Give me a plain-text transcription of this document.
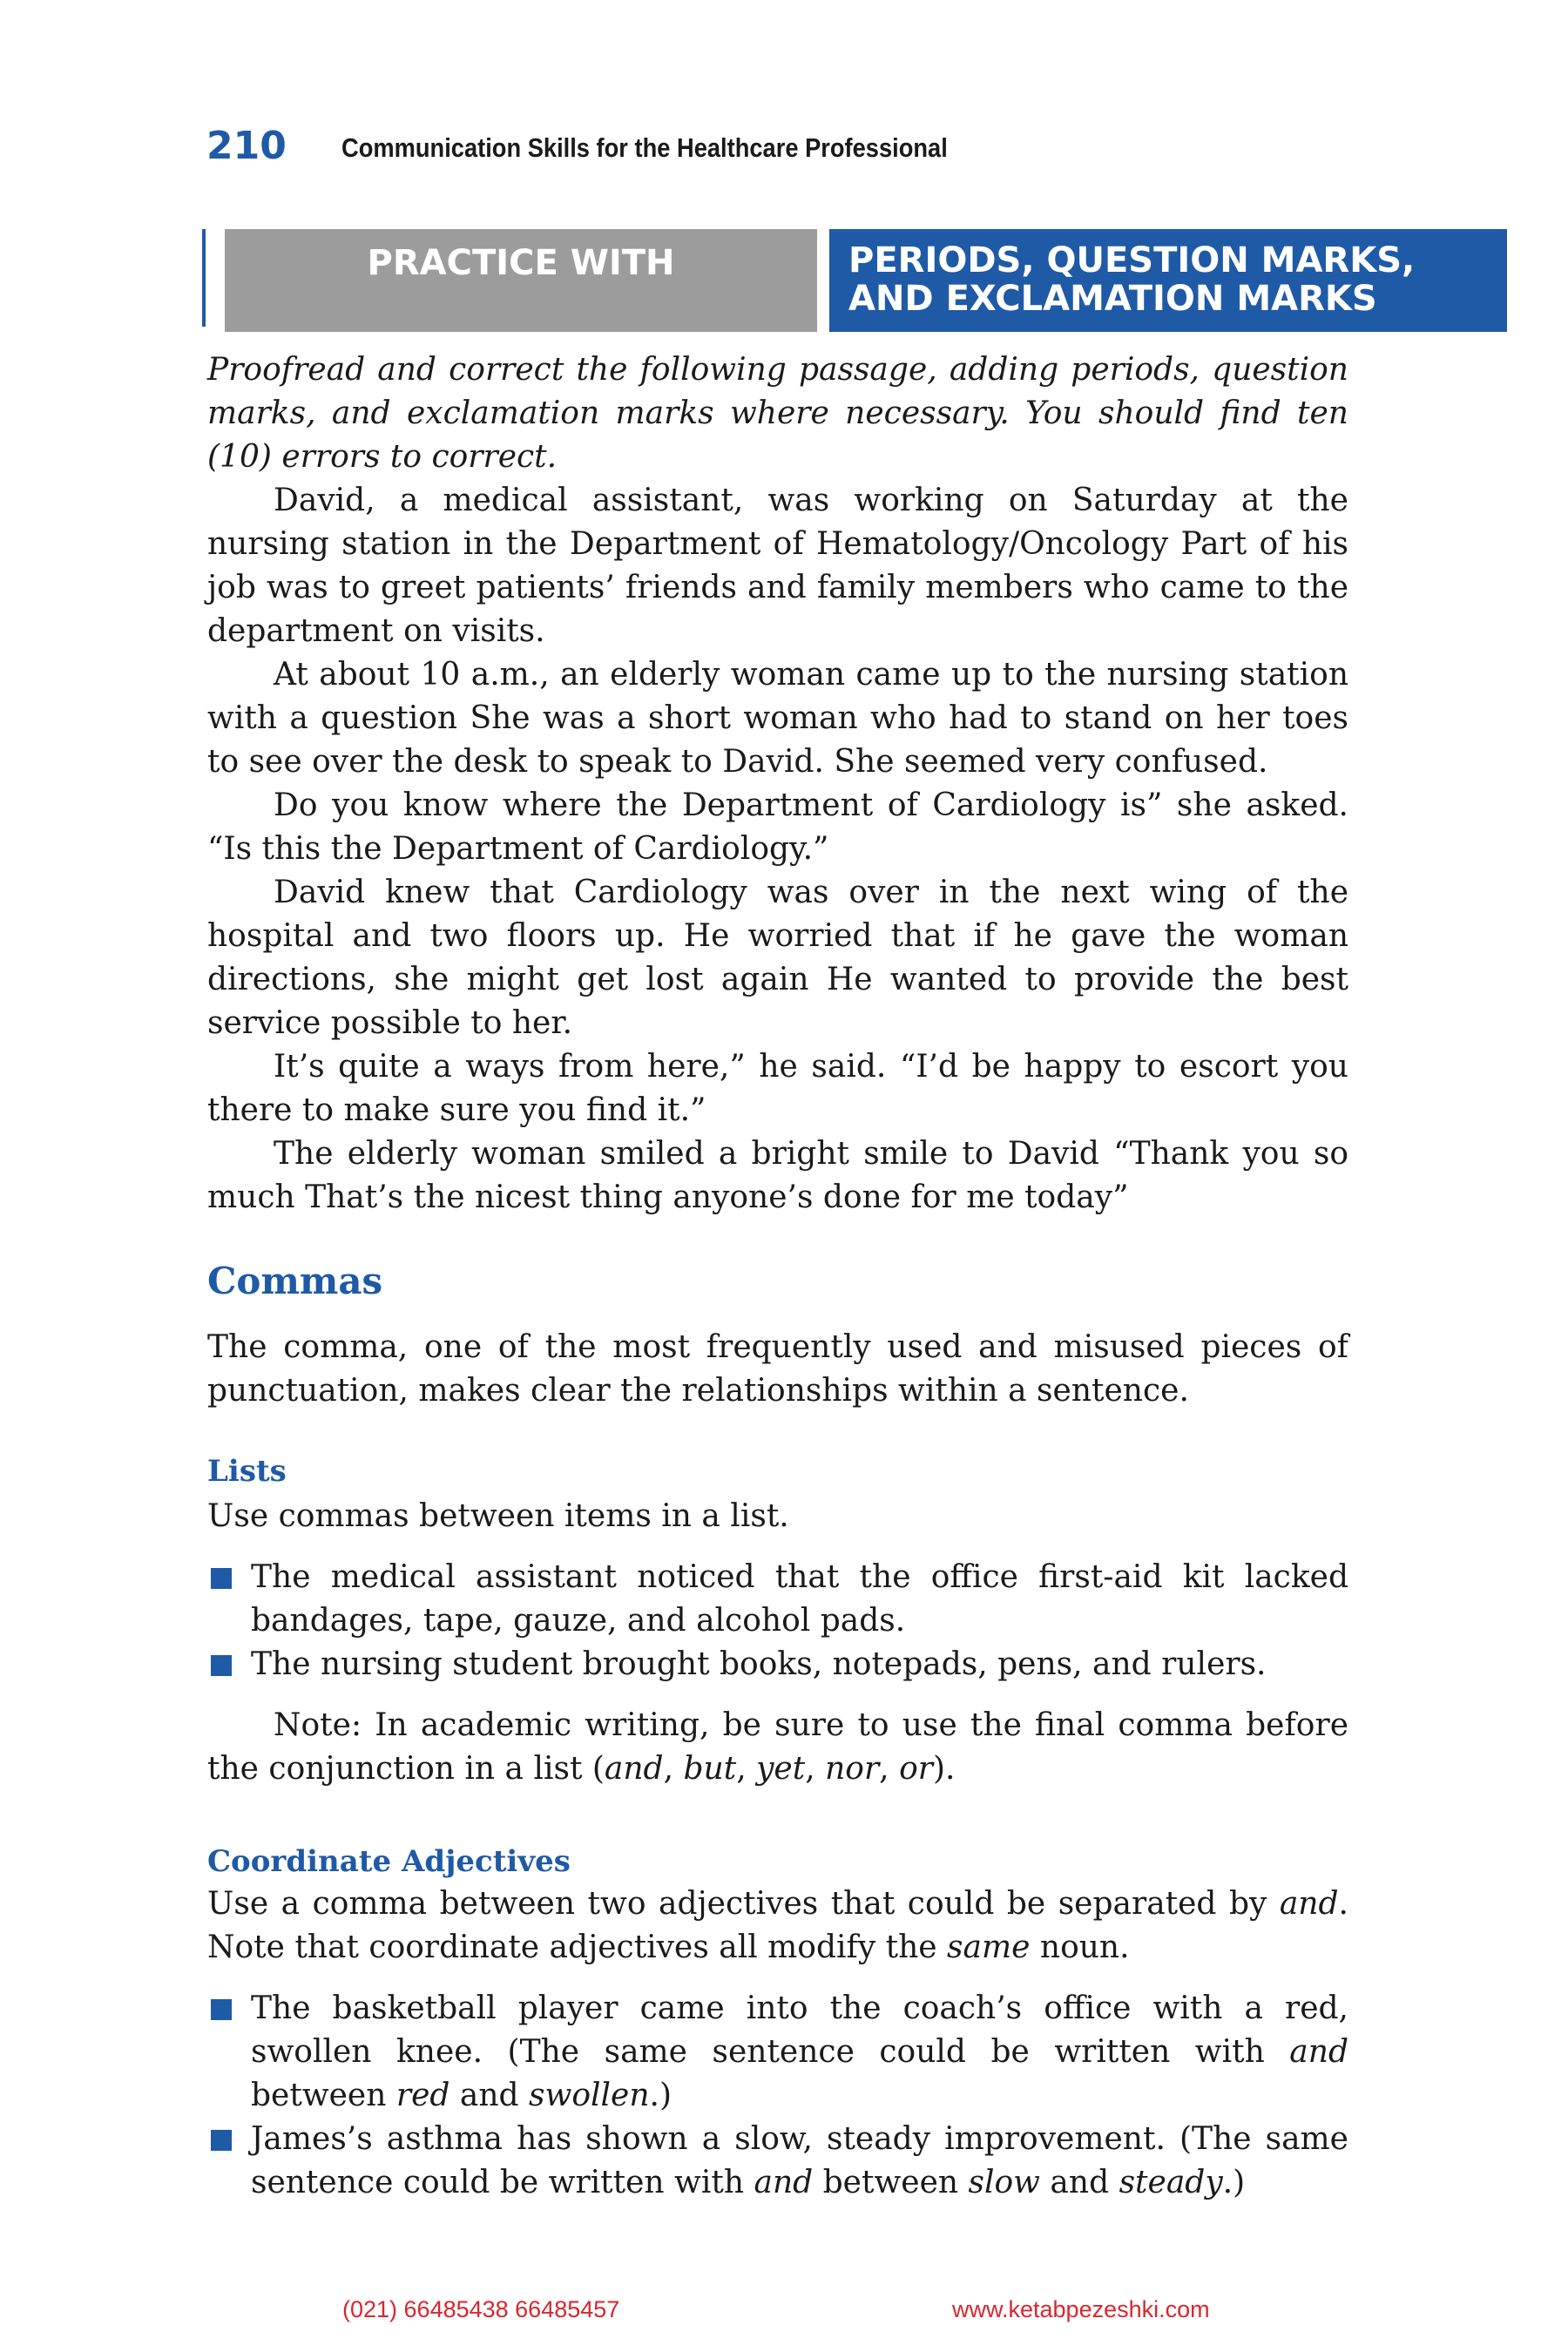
210 Communication Skills for the Healthcare Professional
PRACTICE WITH	PERIODS, QUESTION MARKS,
AND EXCLAMATION MARKS

Proofread and correct the following passage, adding periods, question marks, and exclamation marks where necessary. You should find ten (10) errors to correct.

David, a medical assistant, was working on Saturday at the nursing station in the Department of Hematology/Oncology Part of his job was to greet patients’ friends and family members who came to the department on visits.

At about 10 a.m., an elderly woman came up to the nursing station with a question She was a short woman who had to stand on her toes to see over the desk to speak to David. She seemed very confused.

Do you know where the Department of Cardiology is” she asked. “Is this the Department of Cardiology.”

David knew that Cardiology was over in the next wing of the hospital and two floors up. He worried that if he gave the woman directions, she might get lost again He wanted to provide the best service possible to her.

It’s quite a ways from here,” he said. “I’d be happy to escort you there to make sure you find it.”

The elderly woman smiled a bright smile to David “Thank you so much That’s the nicest thing anyone’s done for me today”

Commas

The comma, one of the most frequently used and misused pieces of punctuation, makes clear the relationships within a sentence.

Lists

Use commas between items in a list.

The medical assistant noticed that the office first-aid kit lacked bandages, tape, gauze, and alcohol pads.
The nursing student brought books, notepads, pens, and rulers.

Note: In academic writing, be sure to use the final comma before the conjunction in a list (and, but, yet, nor, or).

Coordinate Adjectives

Use a comma between two adjectives that could be separated by and. Note that coordinate adjectives all modify the same noun.

The basketball player came into the coach’s office with a red, swollen knee. (The same sentence could be written with and between red and swollen.)
James’s asthma has shown a slow, steady improvement. (The same sentence could be written with and between slow and steady.)
(021) 66485438 66485457	www.ketabpezeshki.com
